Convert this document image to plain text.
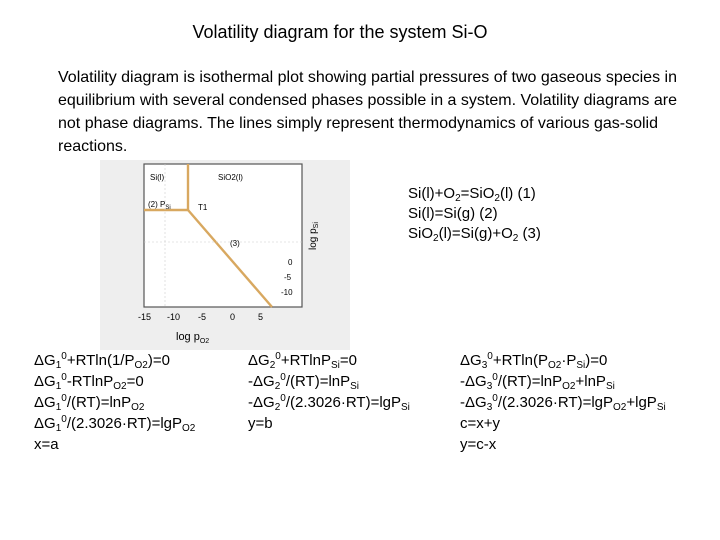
Volatility diagram for the system Si-O
Volatility diagram is isothermal plot showing partial pressures of two gaseous species in equilibrium with several condensed phases possible in a system. Volatility diagrams are not phase diagrams. The lines simply represent thermodynamics of various gas-solid reactions.
Si(l)	SiO2(l)
(2) $P_{Si}$	T1
(3)
0
-5
-10
$\log p_{Si}$
-15 -10 -5	0	5
$\log p_{O2}$
$Si(l)+O_2=SiO_2(l)$ (1)
Si(l)=Si(g) (2)
$SiO_2(l)=Si(g)+O_2$ (3)
$\Delta G_1^0+RTln(1/P_{O2})=0$
$\Delta G_1^0-RTlnP_{O2}=0$
$\Delta G_1^0/(RT)=\ln P_{O2}$
$\Delta G_1^0/(2.3026\cdot RT)=\lg P_{O2}$
x=a
$\Delta G_2^0+RTlnP_{Si}=0$
$-\Delta G_2^0/(RT)=\ln P_{Si}$
$-\Delta G_2^0/(2.3026\cdot RT)=\lg P_{Si}$
y=b
$\Delta G_3^0+RTln(P_{O2}\cdot P_{Si})=0$
$-\Delta G_3^0/(RT)=\ln P_{O2}+\ln P_{Si}$
$-\Delta G_3^0/(2.3026\cdot RT)=\lg P_{O2}+\lg P_{Si}$
c=x+y
y=c-x
